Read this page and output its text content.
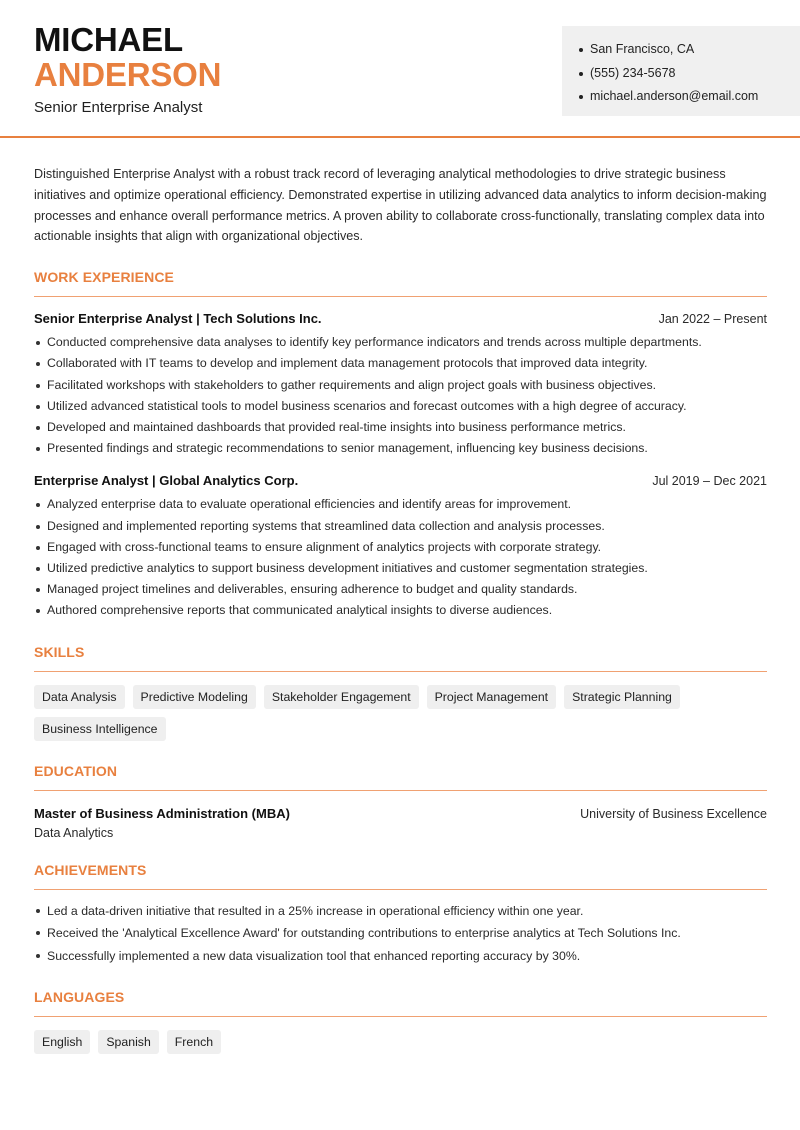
MICHAEL
ANDERSON
Senior Enterprise Analyst
San Francisco, CA
(555) 234-5678
michael.anderson@email.com

Distinguished Enterprise Analyst with a robust track record of leveraging analytical methodologies to drive strategic business initiatives and optimize operational efficiency. Demonstrated expertise in utilizing advanced data analytics to inform decision-making processes and enhance overall performance metrics. A proven ability to collaborate cross-functionally, translating complex data into actionable insights that align with organizational objectives.

WORK EXPERIENCE
Senior Enterprise Analyst | Tech Solutions Inc.	Jan 2022 – Present
Conducted comprehensive data analyses to identify key performance indicators and trends across multiple departments.
Collaborated with IT teams to develop and implement data management protocols that improved data integrity.
Facilitated workshops with stakeholders to gather requirements and align project goals with business objectives.
Utilized advanced statistical tools to model business scenarios and forecast outcomes with a high degree of accuracy.
Developed and maintained dashboards that provided real-time insights into business performance metrics.
Presented findings and strategic recommendations to senior management, influencing key business decisions.
Enterprise Analyst | Global Analytics Corp.	Jul 2019 – Dec 2021
Analyzed enterprise data to evaluate operational efficiencies and identify areas for improvement.
Designed and implemented reporting systems that streamlined data collection and analysis processes.
Engaged with cross-functional teams to ensure alignment of analytics projects with corporate strategy.
Utilized predictive analytics to support business development initiatives and customer segmentation strategies.
Managed project timelines and deliverables, ensuring adherence to budget and quality standards.
Authored comprehensive reports that communicated analytical insights to diverse audiences.
SKILLS
Data Analysis	Predictive Modeling	Stakeholder Engagement	Project Management	Strategic Planning
Business Intelligence
EDUCATION
Master of Business Administration (MBA)	University of Business Excellence
Data Analytics
ACHIEVEMENTS
Led a data-driven initiative that resulted in a 25% increase in operational efficiency within one year.
Received the 'Analytical Excellence Award' for outstanding contributions to enterprise analytics at Tech Solutions Inc.
Successfully implemented a new data visualization tool that enhanced reporting accuracy by 30%.
LANGUAGES
English	Spanish	French
